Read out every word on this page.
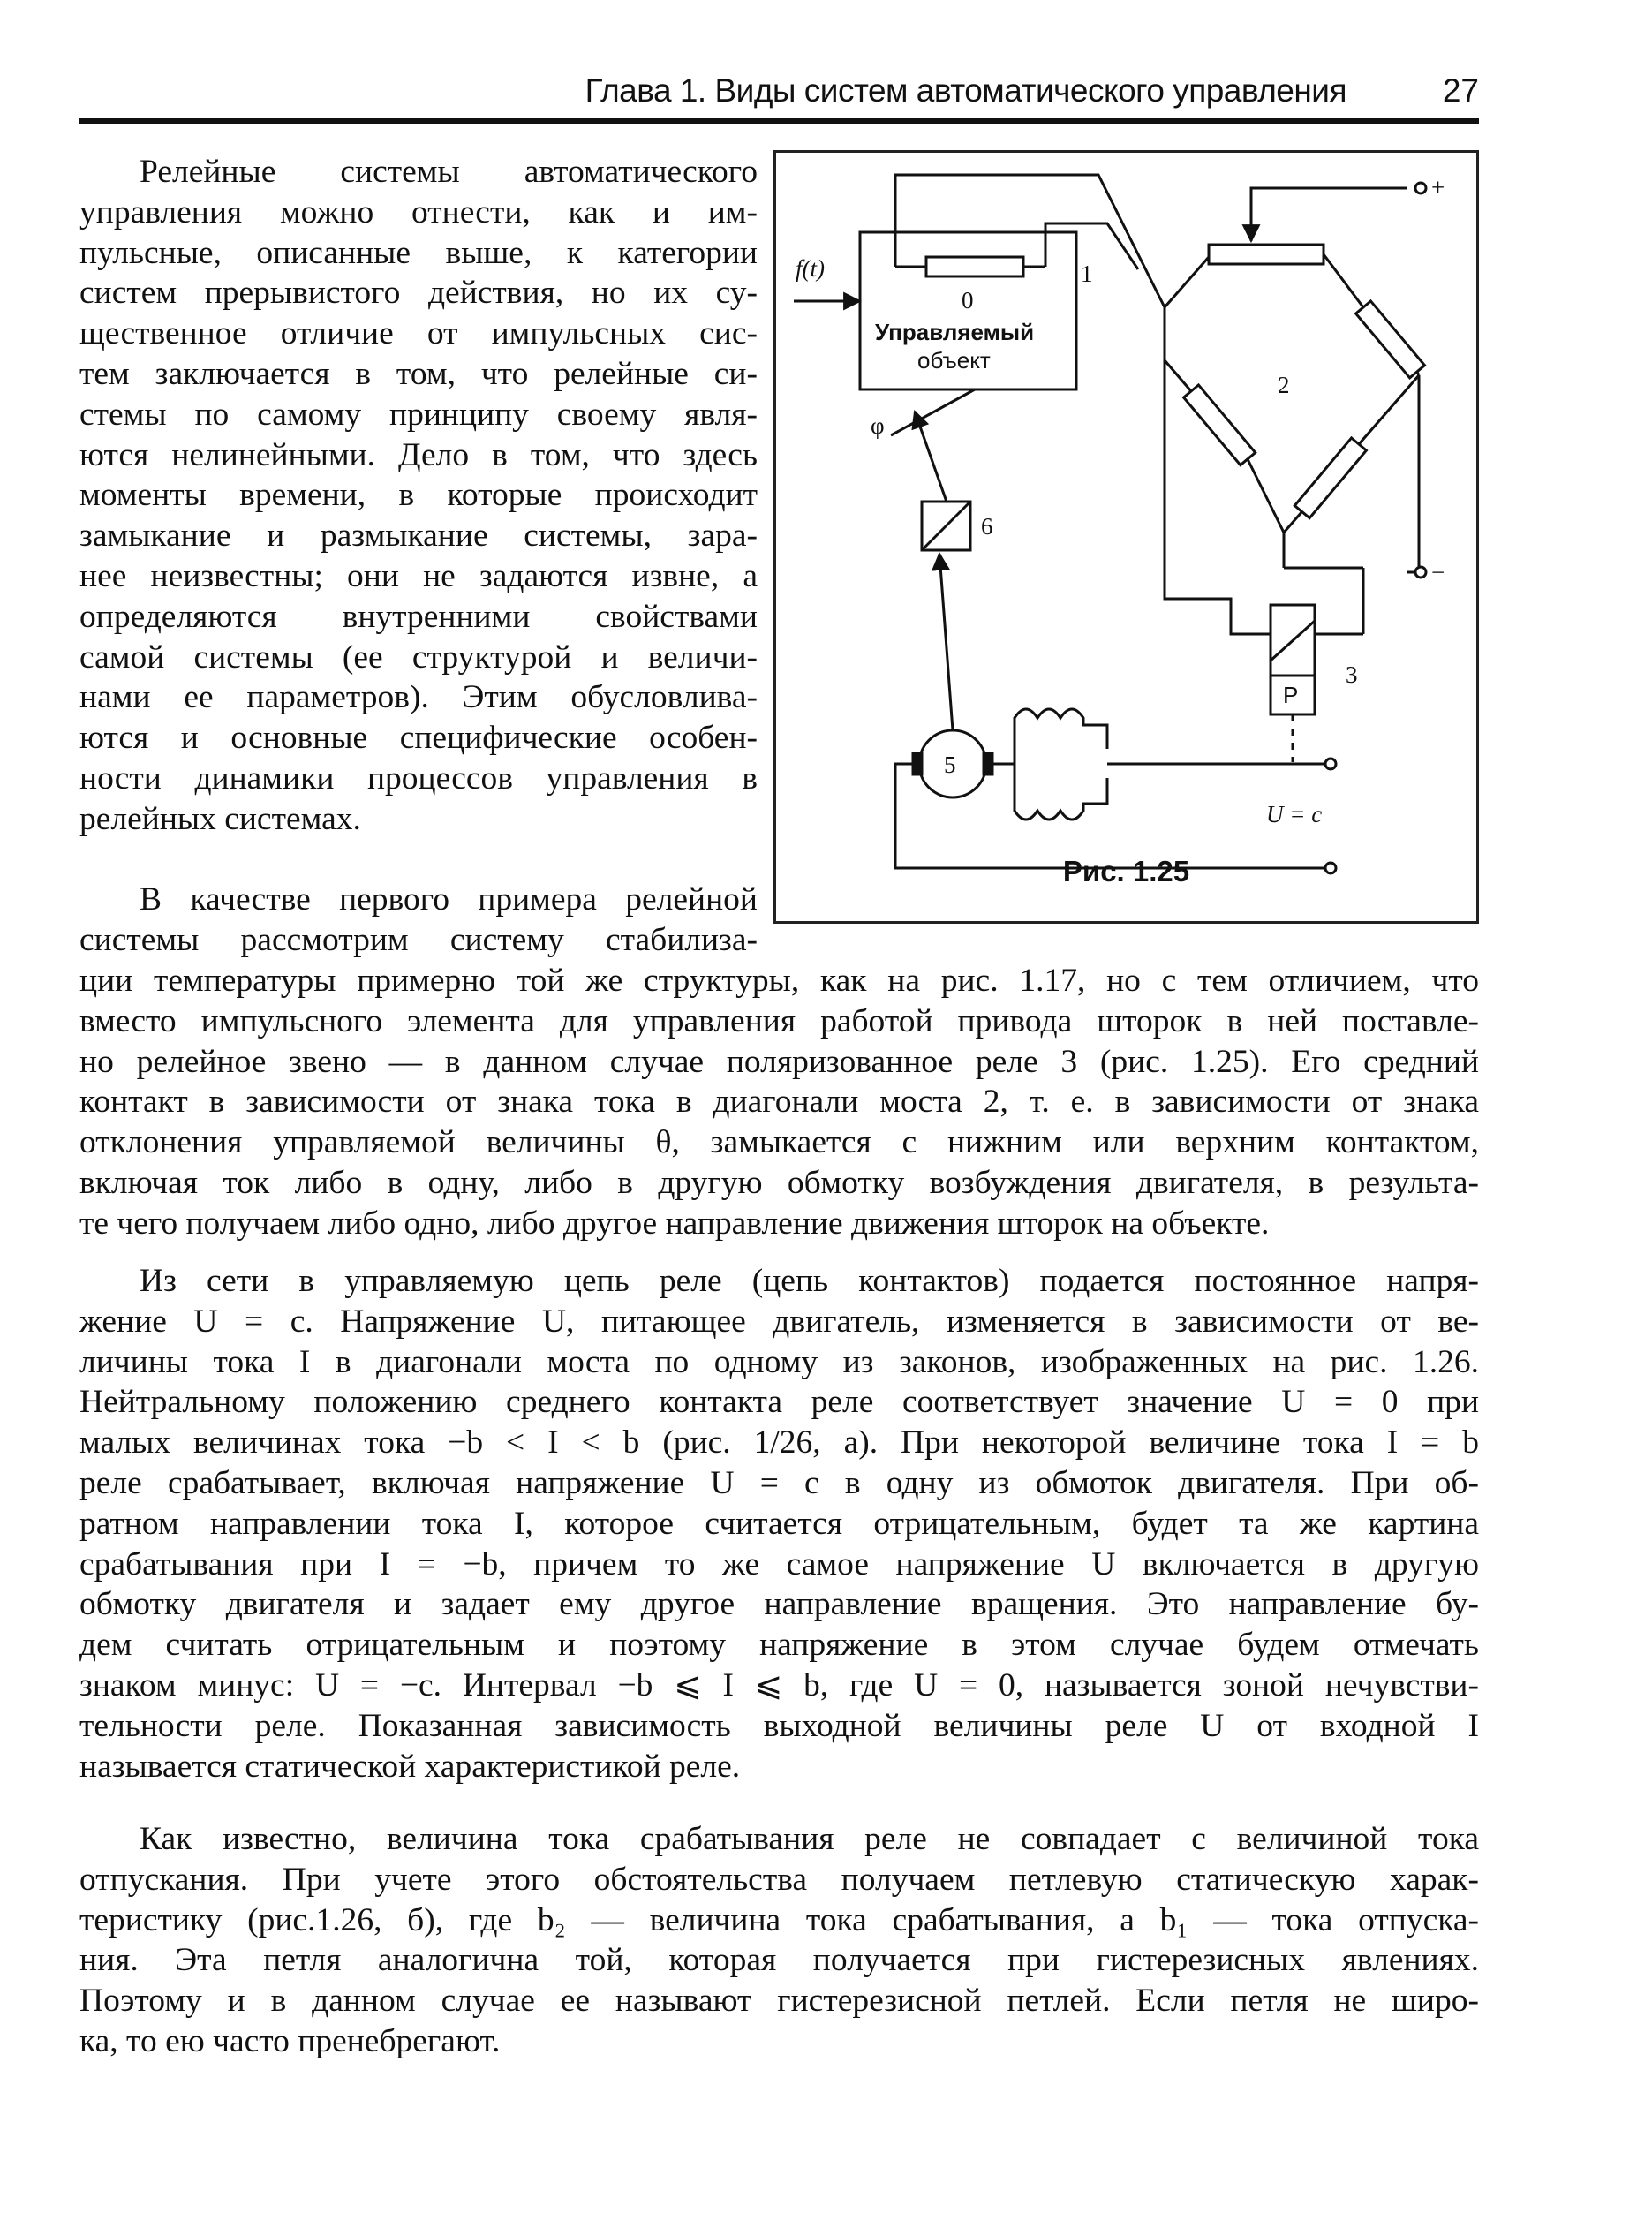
Глава 1. Виды систем автоматического управления	27
Релейные системы автоматического
управления можно отнести, как и им-
пульсные, описанные выше, к категории
систем прерывистого действия, но их су-
щественное отличие от импульсных сис-
тем заключается в том, что релейные си-
стемы по самому принципу своему явля-
ются нелинейными. Дело в том, что здесь
моменты времени, в которые происходит
замыкание и размыкание системы, зара-
нее неизвестны; они не задаются извне, а
определяются внутренними свойствами
самой системы (ее структурой и величи-
нами ее параметров). Этим обусловлива-
ются и основные специфические особен-
ности динамики процессов управления в
релейных системах.
В качестве первого примера релейной
системы рассмотрим систему стабилиза-
ции температуры примерно той же структуры, как на рис. 1.17, но с тем отличием, что
вместо импульсного элемента для управления работой привода шторок в ней поставле-
но релейное звено — в данном случае поляризованное реле 3 (рис. 1.25). Его средний
контакт в зависимости от знака тока в диагонали моста 2, т. е. в зависимости от знака
отклонения управляемой величины θ, замыкается с нижним или верхним контактом,
включая ток либо в одну, либо в другую обмотку возбуждения двигателя, в результа-
те чего получаем либо одно, либо другое направление движения шторок на объекте.
Из сети в управляемую цепь реле (цепь контактов) подается постоянное напря-
жение U = c. Напряжение U, питающее двигатель, изменяется в зависимости от ве-
личины тока I в диагонали моста по одному из законов, изображенных на рис. 1.26.
Нейтральному положению среднего контакта реле соответствует значение U = 0 при
малых величинах тока −b < I < b (рис. 1/26, а). При некоторой величине тока I = b
реле срабатывает, включая напряжение U = c в одну из обмоток двигателя. При об-
ратном направлении тока I, которое считается отрицательным, будет та же картина
срабатывания при I = −b, причем то же самое напряжение U включается в другую
обмотку двигателя и задает ему другое направление вращения. Это направление бу-
дем считать отрицательным и поэтому напряжение в этом случае будем отмечать
знаком минус: U = −c. Интервал −b ⩽ I ⩽ b, где U = 0, называется зоной нечувстви-
тельности реле. Показанная зависимость выходной величины реле U от входной I
называется статической характеристикой реле.
Как известно, величина тока срабатывания реле не совпадает с величиной тока
отпускания. При учете этого обстоятельства получаем петлевую статическую харак-
теристику (рис.1.26, б), где b₂ — величина тока срабатывания, а b₁ — тока отпуска-
ния. Эта петля аналогична той, которая получается при гистерезисных явлениях.
Поэтому и в данном случае ее называют гистерезисной петлей. Если петля не широ-
ка, то ею часто пренебрегают.
f(t)
0
Управляемый
объект
1
2
3
Р
5
6
φ
+
−
U = c
Рис. 1.25
